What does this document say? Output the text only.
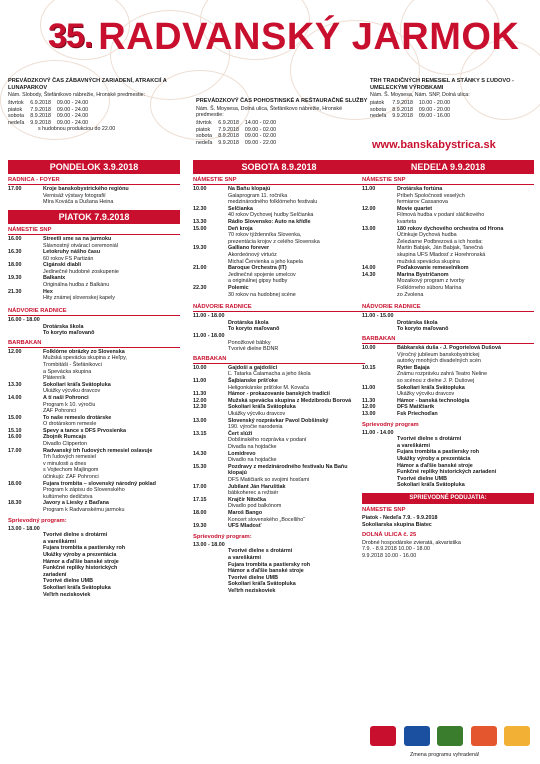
35. RADVANSKÝ JARMOK
PREVÁDZKOVÝ ČAS ZÁBAVNÝCH ZARIADENÍ, ATRAKCIÍ A LUNAPARKOV
Nám. Slobody, Štefánikovo nábrežie, Hronské predmestie:
štvrtok	6.9.2018	09.00 - 24.00
piatok	7.9.2018	09.00 - 24.00
sobota	8.9.2018	09.00 - 24.00
nedeľa	9.9.2018	09.00 - 24.00
s hudobnou produkciou do 22.00
PREVÁDZKOVÝ ČAS POHOSTINSKÉ A REŠTAURAČNÉ SLUŽBY
Nám. Š. Moysesa, Dolná ulica, Štefánikovo nábrežie, Hronské predmestie:
štvrtok	6.9.2018	14.00 - 02.00
piatok	7.9.2018	09.00 - 02.00
sobota	8.9.2018	09.00 - 02.00
nedeľa	9.9.2018	09.00 - 22.00
TRH TRADIČNÝCH REMESIEL A STÁNKY S ĽUDOVO - UMELECKÝMI VÝROBKAMI
Nám. Š. Moysesa, Nám. SNP, Dolná ulica:
piatok	7.9.2018	10.00 - 20.00
sobota	8.9.2018	09.00 - 20.00
nedeľa	9.9.2018	09.00 - 16.00
www.banskabystrica.sk
PONDELOK 3.9.2018
RADNICA - FOYER
17.00	Kroje banskobystrického regiónu
Vernisáž výstavy fotografií
Míra Kováča a Dušana Heina
PIATOK 7.9.2018
NÁMESTIE SNP
16.00	Streetli sme sa na jarmoku
Slávnostný otvárací ceremoniál
16.30	Letokruhy nášho času
60 rokov FS Partizán
18.00	Cigánski diabli
Jedinečné hudobné zoskupenie
19.30	Balkanix
Originálna hudba z Balkánu
21.30	Hex
Hity známej slovenskej kapely
NÁDVORIE RADNICE
16.00 - 18.00
Drotárska škola
To koryto maľovanô
BARBAKAN
12.00	Folklórne obrázky zo Slovenska
Mužská spevácka skupina z Heľpy,
Trombitáši - Štefánikovci
a Spevácka skupina
Plátenník
13.30	Sokoliari kráľa Svätopluka
Ukážky výcviku dravcov
14.00	A tí naši Pohronci
Program k 10. výročiu
ZAF Pohronci
15.00	To naše remeslo drotárske
O drotárskom remesle
15.10	Spevy a tance s DFS Prvosienka
16.00	Zbojník Rumcajs
Divadlo Clipperton
17.00	Radvanský trh ľudových remesiel oslavuje
Trh ľudových remesiel
v minulosti a dnes
s Vojtechom Majlingom
účinkujú: ZAF Pohronci
18.00	Fujara trombita – slovenský národný poklad
Program k zápisu do Slovenského
kultúrneho dedičstva
18.30	Javory a Liesky z Baďana
Program k Radvanskému jarmoku
Sprievodný program:
13.00 - 18.00
Tvorivé dielne s drotármi
a vareškármi
Fujara trombita a pastiersky roh
Ukážky výroby a prezentácia
Hámor a ďaľšie banské stroje
Funkčné repliky historických
zariadení
Tvorivé dielne UMB
Sokoliari kráľa Svätopluka
Veľtrh neziskoviek
SOBOTA 8.9.2018
NÁMESTIE SNP
10.00	Na Baňu klopajú
Galaprogram 11. ročníka
medzinárodného folklórneho festivalu
12.30	Selčianka
40 rokov Dychovej hudby Selčianka
13.30	Rádio Slovensko: Auto na křídle
15.00	Deň kroja
70 rokov týždenníka Slovenka,
prezentácia krojov z celého Slovenska
19.30	Galliano forever
Akordeónový virtuóz
Michal Červienka a jeho kapela
21.00	Baroque Orchestra (IT)
Jedinečné spojenie umelcov
a originálnej gipsy hudby
22.30	Polemic
30 rokov na hudobnej scéne
NÁDVORIE RADNICE
11.00 - 18.00
Drotárska škola
To koryto maľovanô
11.00 - 18.00
Ponožkové bábky
Tvorivé dielne BDNR
BARBAKAN
10.00	Gajdoši a gajdošici
Ľ. Tatarka Čalamacha a jeho škola
11.00	Šajbianske pršťoke
Heligonkárske pršťoke M. Kovača
11.30	Hámor - prokazovanie banských tradícií
12.00	Mužská spevácka skupina z Medzibrodu Borová
12.30	Sokoliari kráľa Svätopluka
Ukážky výcviku dravcov
13.00	Slovenský rozprávkar Pavol Dobšinský
190. výročie narodenia
13.15	Čert slúži
Dobšinského rozprávka v podaní
Divadla na hojdačke
14.30	Lomidrevo
Divadlo na hojdačke
15.30	Pozdravy z medzinárodného festivalu Na Baňu klopajú
DFS Matičiarik so svojimi hosťami
17.00	Jubilant Ján Haruštiak
bábkoherec a režisér
17.15	Krajčír Nitočka
Divadlo pod balkónom
18.00	Maroš Bango
Koncert slovenského „Bocelliho“
19.30	UFS Mladosť
Sprievodný program:
13.00 - 18.00
Tvorivé dielne s drotármi
a vareškármi
Fujara trombita a pastiersky roh
Hámor a ďaľšie banské stroje
Tvorivé dielne UMB
Sokoliari kráľa Svätopluka
Veľtrh neziskoviek
NEDEĽA 9.9.2018
NÁMESTIE SNP
11.00	Drotárska fortúna
Príbeh Spoločnosti veselých
fermiarov Cassanova
12.00	Movie quartet
Filmová hudba v podaní sláčikového
kvarteta
13.00	180 rokov dychového orchestra od Hrona
Účinkuje Dychová hudba
Železiarne Podbrezová a ich hostia:
Martin Babjak, Ján Babjak, Tanečná
skupina UFS Mladosť z Horehronská
mužská spevácka skupina
14.00	Poďakovanie remeselníkom
14.30	Marína Bystričanom
Mozaikový program z tvorby
Folklórneho súboru Marína
zo Zvolena
NÁDVORIE RADNICE
11.00 - 15.00
Drotárska škola
To koryto maľovanô
BARBAKAN
10.00	Bábkarská duša - J. Pogorielová Dušová
Výročný jubileum banskobystrickej
autorky mnohých divadelných scén
10.15	Rytier Bajaja
Známu rozprávku zahrá Teatro Neline
so scénou z dielne J. P. Dušovej
11.00	Sokoliari kráľa Svätopluka
Ukážky výcviku dravcov
11.30	Hámor - banská technológia
12.00	DFS Matičiarik
13.00	Fsk Priechoďan
Sprievodný program
11.00 - 14.00
Tvorivé dielne s drotármi
a vareškármi
Fujara trombita a pastiersky roh
Ukážky výroby a prezentácia
Hámor a ďaľšie banské stroje
Funkčné repliky historických zariadení
Tvorivé dielne UMB
Sokoliari kráľa Svätopluka
SPRIEVODNÉ PODUJATIA:
NÁMESTIE SNP
Piatok - Nedeľa 7.9. - 9.9.2018
Sokoliarska skupina Biatec
DOLNÁ ULICA č. 25
Drobné hospodárske zvieratá, akvaristika
7.9. - 8.9.2018 10.00 - 18.00
9.9.2018 10.00 - 16.00
Zmena programu vyhradená!
